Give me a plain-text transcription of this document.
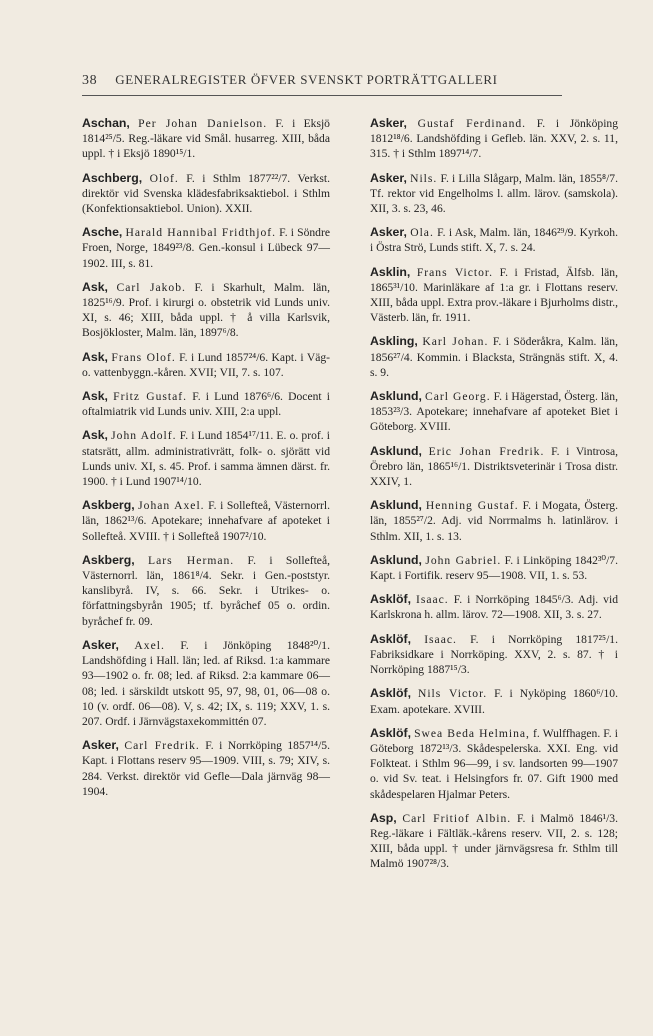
38 GENERALREGISTER ÖFVER SVENSKT PORTRÄTTGALLERI

Aschan, Per Johan Danielson. F. i Eksjö 1814²⁵/5. Reg.-läkare vid Smål. husarreg. XIII, båda uppl. † i Eksjö 1890¹⁵/1.

Aschberg, Olof. F. i Sthlm 1877²²/7. Verkst. direktör vid Svenska klädesfabriksaktiebol. i Sthlm (Konfektionsaktiebol. Union). XXII.

Asche, Harald Hannibal Fridthjof. F. i Söndre Froen, Norge, 1849²³/8. Gen.-konsul i Lübeck 97—1902. III, s. 81.

Ask, Carl Jakob. F. i Skarhult, Malm. län, 1825¹⁶/9. Prof. i kirurgi o. obstetrik vid Lunds univ. XI, s. 46; XIII, båda uppl. † å villa Karlsvik, Bosjökloster, Malm. län, 1897⁶/8.

Ask, Frans Olof. F. i Lund 1857²⁴/6. Kapt. i Väg- o. vattenbyggn.-kåren. XVII; VII, 7. s. 107.

Ask, Fritz Gustaf. F. i Lund 1876⁶/6. Docent i oftalmiatrik vid Lunds univ. XIII, 2:a uppl.

Ask, John Adolf. F. i Lund 1854¹⁷/11. E. o. prof. i statsrätt, allm. administrativrätt, folk- o. sjörätt vid Lunds univ. XI, s. 45. Prof. i samma ämnen därst. fr. 1900. † i Lund 1907¹⁴/10.

Askberg, Johan Axel. F. i Sollefteå, Västernorrl. län, 1862¹³/6. Apotekare; innehafvare af apoteket i Sollefteå. XVIII. † i Sollefteå 1907²/10.

Askberg, Lars Herman. F. i Sollefteå, Västernorrl. län, 1861⁸/4. Sekr. i Gen.-poststyr. kanslibyrå. IV, s. 66. Sekr. i Utrikes- o. författningsbyrån 1905; tf. byråchef 05 o. ordin. byråchef fr. 09.

Asker, Axel. F. i Jönköping 1848²⁰/1. Landshöfding i Hall. län; led. af Riksd. 1:a kammare 93—1902 o. fr. 08; led. af Riksd. 2:a kammare 06—08; led. i särskildt utskott 95, 97, 98, 01, 06—08 o. 10 (v. ordf. 06—08). V, s. 42; IX, s. 119; XXV, 1. s. 207. Ordf. i Järnvägstaxekommittén 07.

Asker, Carl Fredrik. F. i Norrköping 1857¹⁴/5. Kapt. i Flottans reserv 95—1909. VIII, s. 79; XIV, s. 284. Verkst. direktör vid Gefle—Dala järnväg 98—1904.

Asker, Gustaf Ferdinand. F. i Jönköping 1812¹⁸/6. Landshöfding i Gefleb. län. XXV, 2. s. 11, 315. † i Sthlm 1897¹⁴/7.

Asker, Nils. F. i Lilla Slågarp, Malm. län, 1855⁸/7. Tf. rektor vid Engelholms l. allm. lärov. (samskola). XII, 3. s. 23, 46.

Asker, Ola. F. i Ask, Malm. län, 1846²⁹/9. Kyrkoh. i Östra Strö, Lunds stift. X, 7. s. 24.

Asklin, Frans Victor. F. i Fristad, Älfsb. län, 1865³¹/10. Marinläkare af 1:a gr. i Flottans reserv. XIII, båda uppl. Extra prov.-läkare i Bjurholms distr., Västerb. län, fr. 1911.

Askling, Karl Johan. F. i Söderåkra, Kalm. län, 1856²⁷/4. Kommin. i Blacksta, Strängnäs stift. X, 4. s. 9.

Asklund, Carl Georg. F. i Hägerstad, Österg. län, 1853²³/3. Apotekare; innehafvare af apoteket Biet i Göteborg. XVIII.

Asklund, Eric Johan Fredrik. F. i Vintrosa, Örebro län, 1865¹⁶/1. Distriktsveterinär i Trosa distr. XXIV, 1.

Asklund, Henning Gustaf. F. i Mogata, Österg. län, 1855²⁷/2. Adj. vid Norrmalms h. latinlärov. i Sthlm. XII, 1. s. 13.

Asklund, John Gabriel. F. i Linköping 1842³⁰/7. Kapt. i Fortifik. reserv 95—1908. VII, 1. s. 53.

Asklöf, Isaac. F. i Norrköping 1845⁶/3. Adj. vid Karlskrona h. allm. lärov. 72—1908. XII, 3. s. 27.

Asklöf, Isaac. F. i Norrköping 1817²⁵/1. Fabriksidkare i Norrköping. XXV, 2. s. 87. † i Norrköping 1887¹⁵/3.

Asklöf, Nils Victor. F. i Nyköping 1860⁶/10. Exam. apotekare. XVIII.

Asklöf, Swea Beda Helmina, f. Wulffhagen. F. i Göteborg 1872¹³/3. Skådespelerska. XXI. Eng. vid Folkteat. i Sthlm 96—99, i sv. landsorten 99—1907 o. vid Sv. teat. i Helsingfors fr. 07. Gift 1900 med skådespelaren Hjalmar Peters.

Asp, Carl Fritiof Albin. F. i Malmö 1846¹/3. Reg.-läkare i Fältläk.-kårens reserv. VII, 2. s. 128; XIII, båda uppl. † under järnvägsresa fr. Sthlm till Malmö 1907²⁸/3.
